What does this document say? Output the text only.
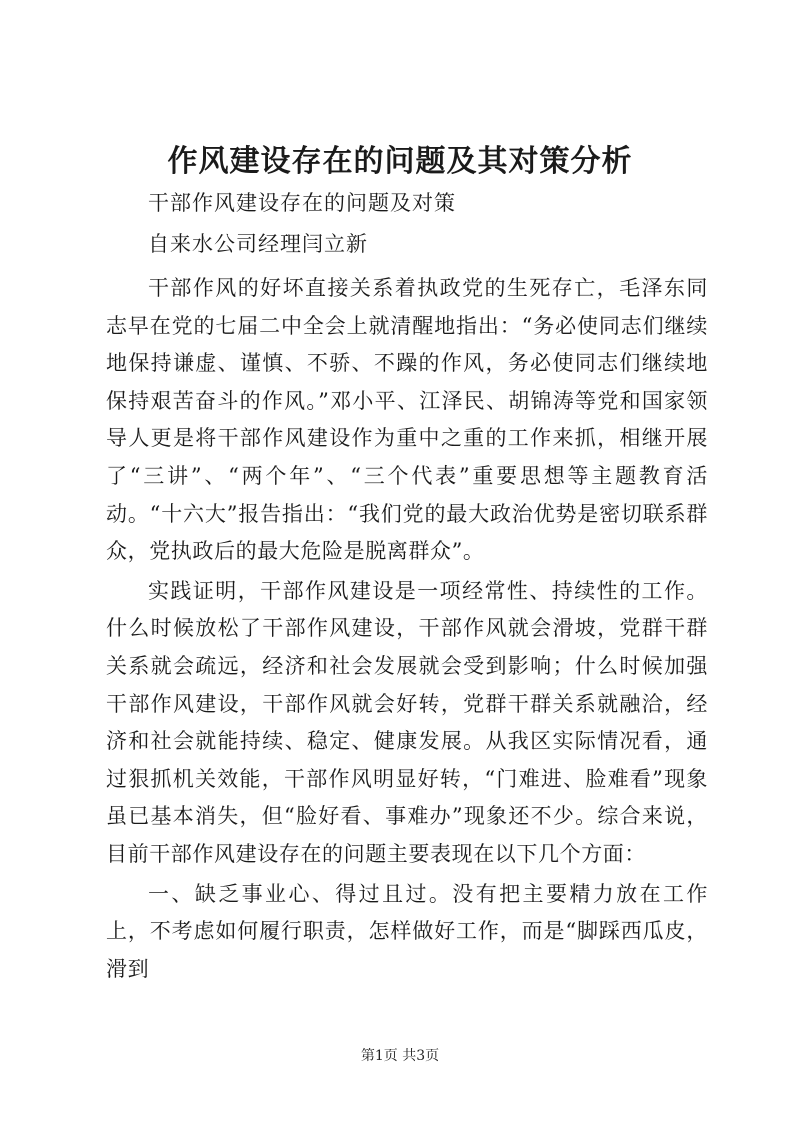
作风建设存在的问题及其对策分析
干部作风建设存在的问题及对策
自来水公司经理闫立新

干部作风的好坏直接关系着执政党的生死存亡，毛泽东同志早在党的七届二中全会上就清醒地指出：“务必使同志们继续地保持谦虚、谨慎、不骄、不躁的作风，务必使同志们继续地保持艰苦奋斗的作风。”邓小平、江泽民、胡锦涛等党和国家领导人更是将干部作风建设作为重中之重的工作来抓，相继开展了“三讲”、“两个年”、“三个代表”重要思想等主题教育活动。“十六大”报告指出：“我们党的最大政治优势是密切联系群众，党执政后的最大危险是脱离群众”。

实践证明，干部作风建设是一项经常性、持续性的工作。什么时候放松了干部作风建设，干部作风就会滑坡，党群干群关系就会疏远，经济和社会发展就会受到影响；什么时候加强干部作风建设，干部作风就会好转，党群干群关系就融洽，经济和社会就能持续、稳定、健康发展。从我区实际情况看，通过狠抓机关效能，干部作风明显好转，“门难进、脸难看”现象虽已基本消失，但“脸好看、事难办”现象还不少。综合来说，目前干部作风建设存在的问题主要表现在以下几个方面：

一、缺乏事业心、得过且过。没有把主要精力放在工作上，不考虑如何履行职责，怎样做好工作，而是“脚踩西瓜皮，滑到

第1页 共3页
